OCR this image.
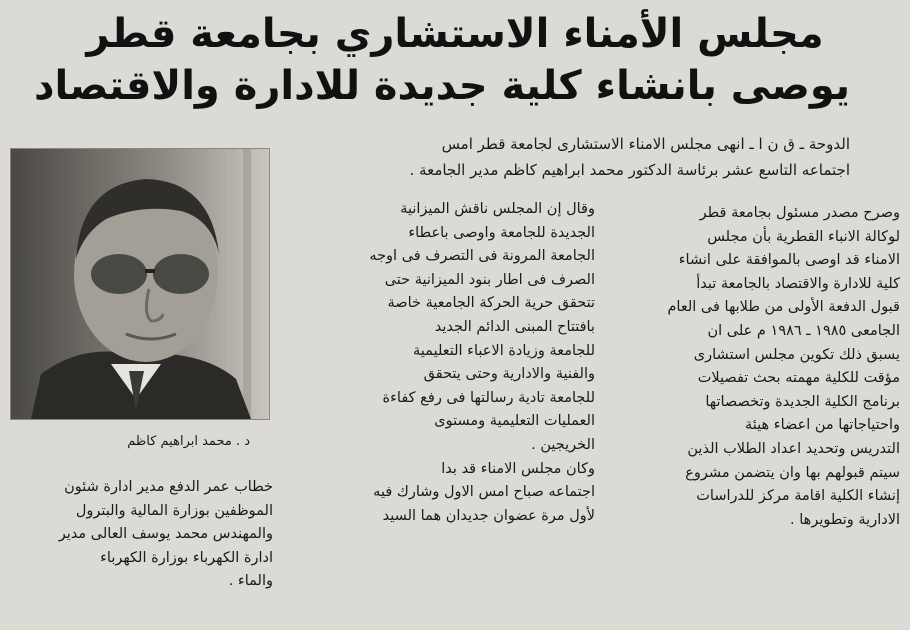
مجلس الأمناء الاستشاري بجامعة قطر
يوصى بانشاء كلية جديدة للادارة والاقتصاد
الدوحة ـ ق ن ا ـ انهى مجلس الامناء الاستشارى لجامعة قطر امس
اجتماعه التاسع عشر برئاسة الدكتور محمد ابراهيم كاظم مدير الجامعة .

وصرح مصدر مسئول بجامعة قطر

لوكالة الانباء القطرية بأن مجلس

الامناء قد اوصى بالموافقة على انشاء

كلية للادارة والاقتصاد بالجامعة تبدأ

قبول الدفعة الأولى من طلابها فى العام

الجامعى ١٩٨٥ ـ ١٩٨٦ م على ان

يسبق ذلك تكوين مجلس استشارى

مؤقت للكلية مهمته بحث تفصيلات

برنامج الكلية الجديدة وتخصصاتها

واحتياجاتها من اعضاء هيئة

التدريس وتحديد اعداد الطلاب الذين

سيتم قبولهم بها وان يتضمن مشروع

إنشاء الكلية اقامة مركز للدراسات

الادارية وتطويرها .

وقال إن المجلس ناقش الميزانية

الجديدة للجامعة واوصى باعطاء

الجامعة المرونة فى التصرف فى اوجه

الصرف فى اطار بنود الميزانية حتى

تتحقق حرية الحركة الجامعية خاصة

بافتتاح المبنى الدائم الجديد

للجامعة وزيادة الاعباء التعليمية

والفنية والادارية وحتى يتحقق

للجامعة تادية رسالتها فى رفع كفاءة

العمليات التعليمية ومستوى

الخريجين .

وكان مجلس الامناء قد بدا

اجتماعه صباح امس الاول وشارك فيه

لأول مرة عضوان جديدان هما السيد

د . محمد ابراهيم كاظم

خطاب عمر الدفع مدير ادارة شئون

الموظفين بوزارة المالية والبترول

والمهندس محمد يوسف العالى مدير

ادارة الكهرباء بوزارة الكهرباء

والماء .
